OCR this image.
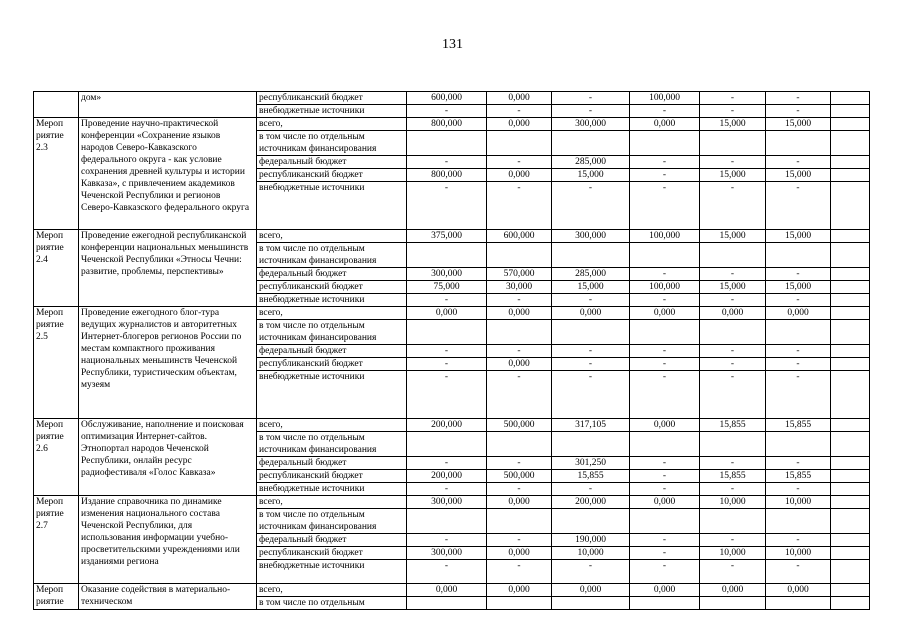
131
	дом»	республиканский бюджет	600,000	0,000	-	100,000	-	-	
		внебюджетные источники	-	-	-	-	-	-	
Мероп риятие 2.3	Проведение научно-практической конференции «Сохранение языков народов Северо-Кавказского федерального округа - как условие сохранения древней культуры и истории Кавказа», с привлечением академиков Чеченской Республики и регионов Северо-Кавказского федерального округа	всего,	800,000	0,000	300,000	0,000	15,000	15,000	
		в том числе по отдельным источникам финансирования							
		федеральный бюджет	-	-	285,000	-	-	-	
		республиканский бюджет	800,000	0,000	15,000	-	15,000	15,000	
		внебюджетные источники	-	-	-	-	-	-	
Мероп риятие 2.4	Проведение ежегодной республиканской конференции национальных меньшинств Чеченской Республики «Этносы Чечни: развитие, проблемы, перспективы»	всего,	375,000	600,000	300,000	100,000	15,000	15,000	
		в том числе по отдельным источникам финансирования							
		федеральный бюджет	300,000	570,000	285,000	-	-	-	
		республиканский бюджет	75,000	30,000	15,000	100,000	15,000	15,000	
		внебюджетные источники	-	-	-	-	-	-	
Мероп риятие 2.5	Проведение ежегодного блог-тура ведущих журналистов и авторитетных Интернет-блогеров регионов России по местам компактного проживания национальных меньшинств Чеченской Республики, туристическим объектам, музеям	всего,	0,000	0,000	0,000	0,000	0,000	0,000	
		в том числе по отдельным источникам финансирования							
		федеральный бюджет	-	-	-	-	-	-	
		республиканский бюджет	-	0,000	-	-	-	-	
		внебюджетные источники	-	-	-	-	-	-	
Мероп риятие 2.6	Обслуживание, наполнение и поисковая оптимизация Интернет-сайтов. Этнопортал народов Чеченской Республики, онлайн ресурс радиофестиваля «Голос Кавказа»	всего,	200,000	500,000	317,105	0,000	15,855	15,855	
		в том числе по отдельным источникам финансирования							
		федеральный бюджет	-	-	301,250	-	-	-	
		республиканский бюджет	200,000	500,000	15,855	-	15,855	15,855	
		внебюджетные источники	-	-	-	-	-	-	
Мероп риятие 2.7	Издание справочника по динамике изменения национального состава Чеченской Республики, для использования информации учебно-просветительскими учреждениями или изданиями региона	всего,	300,000	0,000	200,000	0,000	10,000	10,000	
		в том числе по отдельным источникам финансирования							
		федеральный бюджет	-	-	190,000	-	-	-	
		республиканский бюджет	300,000	0,000	10,000	-	10,000	10,000	
		внебюджетные источники	-	-	-	-	-	-	
Мероп риятие	Оказание содействия в материально-техническом	всего,	0,000	0,000	0,000	0,000	0,000	0,000	
		в том числе по отдельным							
